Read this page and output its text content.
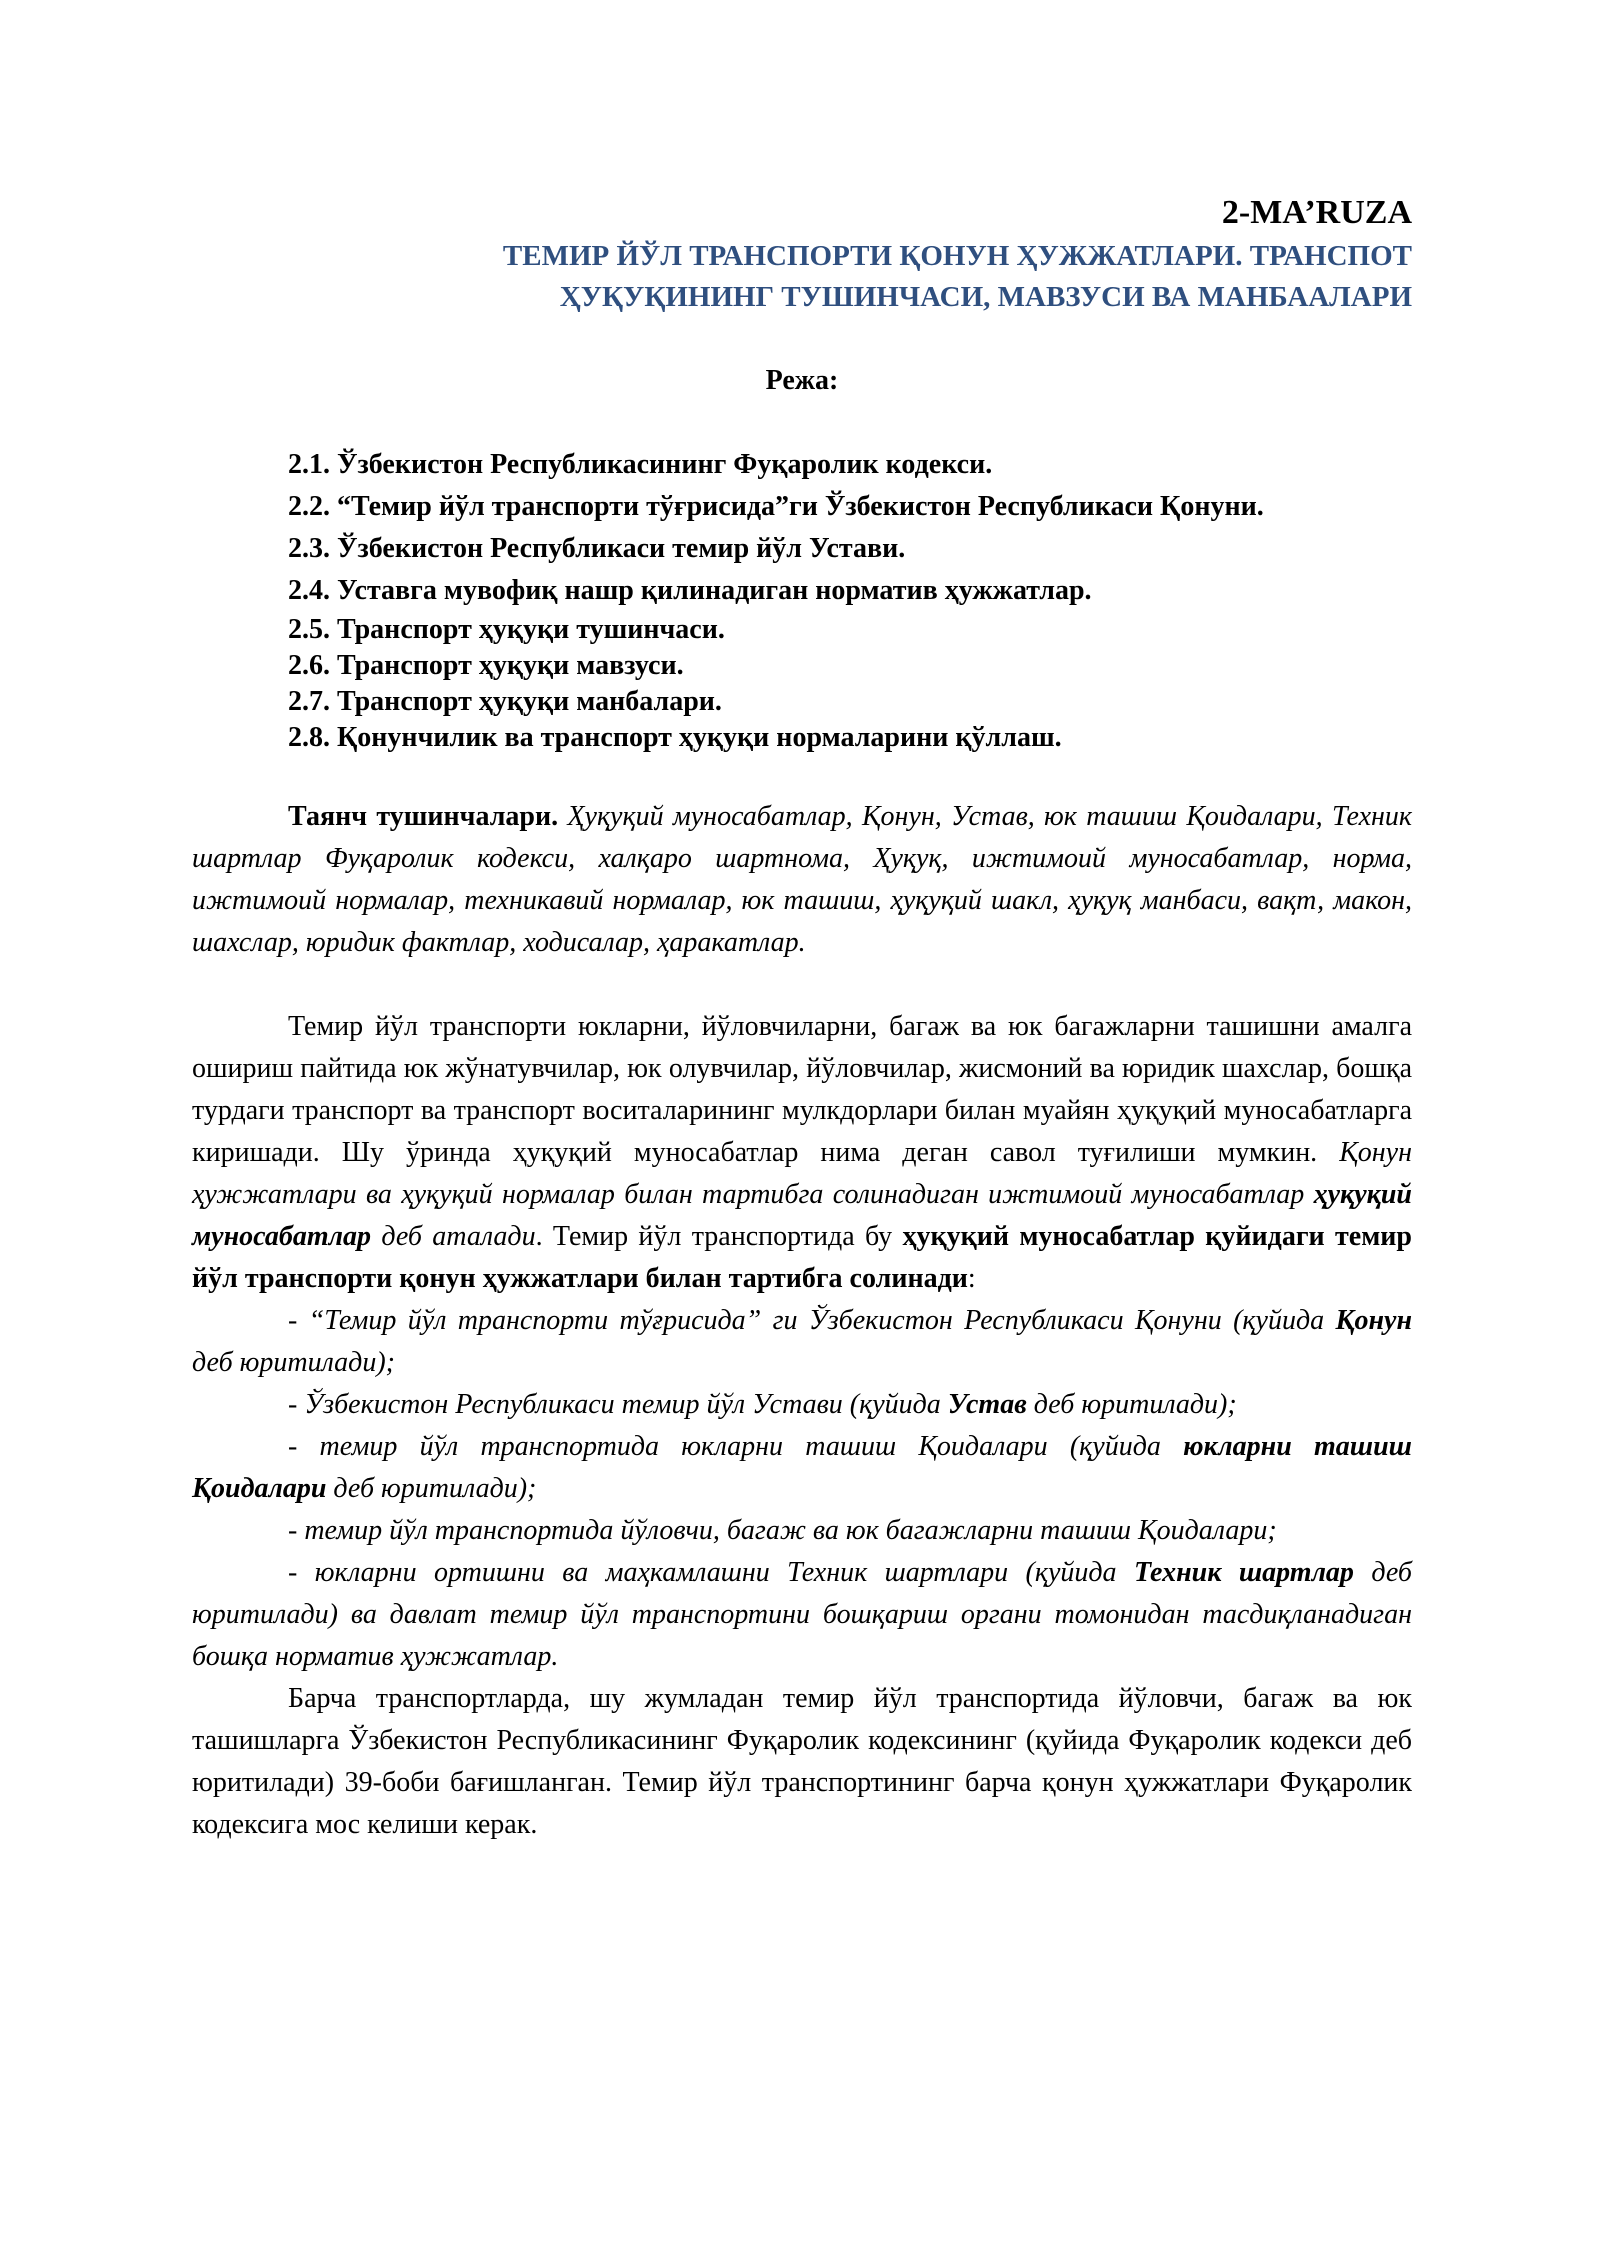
2-MA’RUZA
ТЕМИР ЙЎЛ ТРАНСПОРТИ ҚОНУН ҲУЖЖАТЛАРИ. ТРАНСПОТ
ҲУҚУҚИНИНГ ТУШИНЧАСИ, МАВЗУСИ ВА МАНБААЛАРИ
Режа:
2.1. Ўзбекистон Республикасининг Фуқаролик кодекси.
2.2. “Темир йўл транспорти тўғрисида”ги Ўзбекистон Республикаси Қонуни.
2.3. Ўзбекистон Республикаси темир йўл Устави.
2.4. Уставга мувофиқ нашр қилинадиган норматив ҳужжатлар.
2.5. Транспорт ҳуқуқи тушинчаси.
2.6. Транспорт ҳуқуқи мавзуси.
2.7. Транспорт ҳуқуқи манбалари.
2.8. Қонунчилик ва транспорт ҳуқуқи нормаларини қўллаш.

Таянч тушинчалари. Ҳуқуқий муносабатлар, Қонун, Устав, юк ташиш Қоидалари, Техник шартлар Фуқаролик кодекси, халқаро шартнома, Ҳуқуқ, ижтимоий муносабатлар, норма, ижтимоий нормалар, техникавий нормалар, юк ташиш, ҳуқуқий шакл, ҳуқуқ манбаси, вақт, макон, шахслар, юридик фактлар, ходисалар, ҳаракатлар.

Темир йўл транспорти юкларни, йўловчиларни, багаж ва юк багажларни ташишни амалга ошириш пайтида юк жўнатувчилар, юк олувчилар, йўловчилар, жисмоний ва юридик шахслар, бошқа турдаги транспорт ва транспорт воситаларининг мулкдорлари билан муайян ҳуқуқий муносабатларга киришади. Шу ўринда ҳуқуқий муносабатлар нима деган савол туғилиши мумкин. Қонун ҳужжатлари ва ҳуқуқий нормалар билан тартибга солинадиган ижтимоий муносабатлар ҳуқуқий муносабатлар деб аталади. Темир йўл транспортида бу ҳуқуқий муносабатлар қуйидаги темир йўл транспорти қонун ҳужжатлари билан тартибга солинади:

- “Темир йўл транспорти тўғрисида” ги Ўзбекистон Республикаси Қонуни (қуйида Қонун деб юритилади);

- Ўзбекистон Республикаси темир йўл Устави (қуйида Устав деб юритилади);

- темир йўл транспортида юкларни ташиш Қоидалари (қуйида юкларни ташиш Қоидалари деб юритилади);

- темир йўл транспортида йўловчи, багаж ва юк багажларни ташиш Қоидалари;

- юкларни ортишни ва маҳкамлашни Техник шартлари (қуйида Техник шартлар деб юритилади) ва давлат темир йўл транспортини бошқариш органи томонидан тасдиқланадиган бошқа норматив ҳужжатлар.

Барча транспортларда, шу жумладан темир йўл транспортида йўловчи, багаж ва юк ташишларга Ўзбекистон Республикасининг Фуқаролик кодексининг (қуйида Фуқаролик кодекси деб юритилади) 39-боби бағишланган. Темир йўл транспортининг барча қонун ҳужжатлари Фуқаролик кодексига мос келиши керак.
